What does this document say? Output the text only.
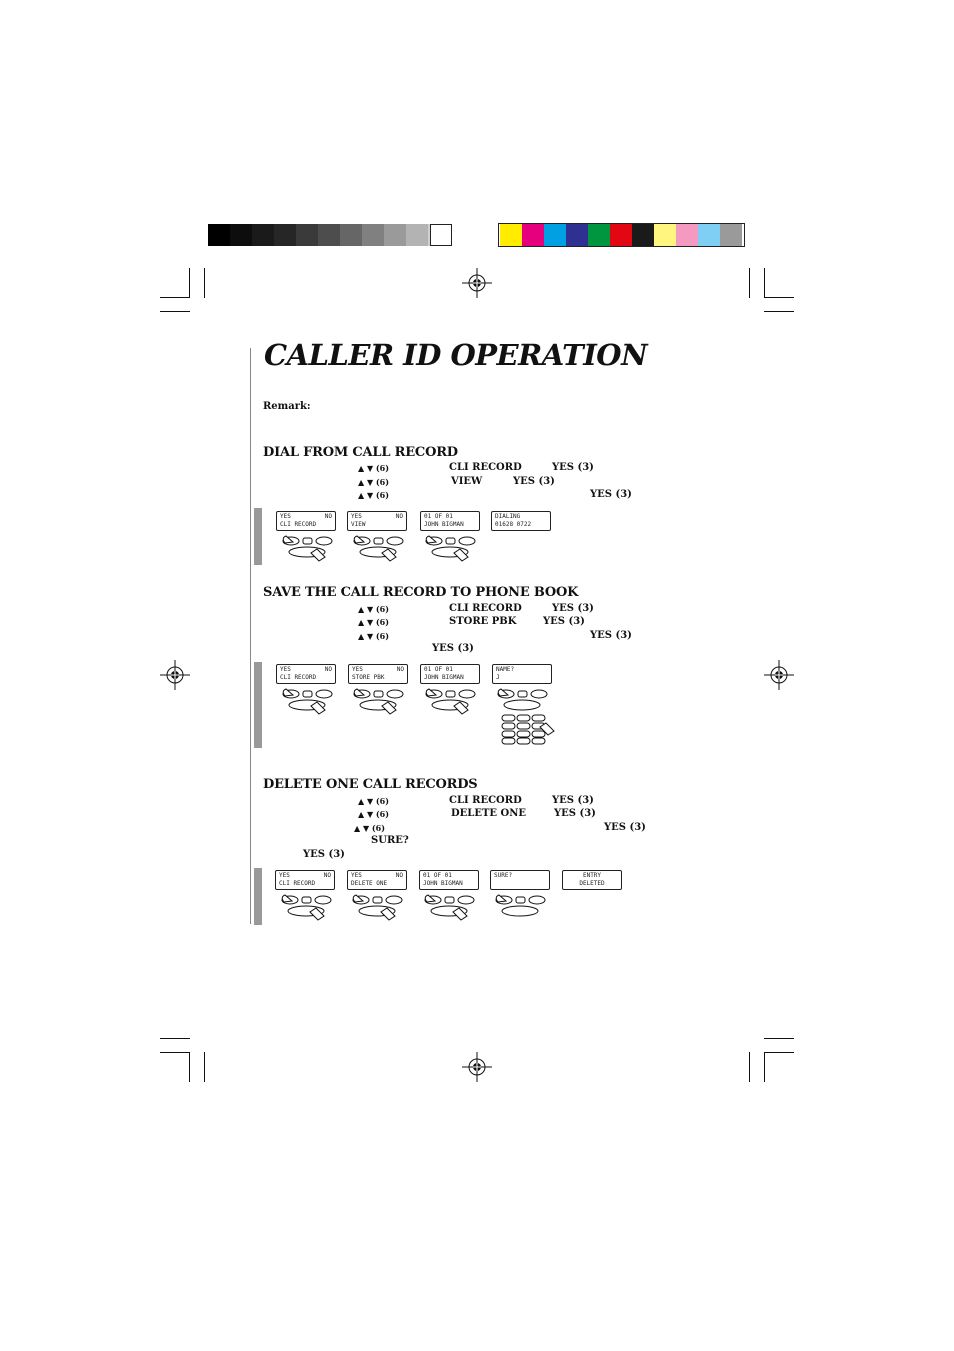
CALLER ID OPERATION
Remark:
DIAL FROM CALL RECORD
▲ ▼ (6)	CLI RECORD	YES (3)
▲ ▼ (6)	VIEW	YES (3)
▲ ▼ (6)	YES (3)
YES	NO
CLI RECORD
YES	NO
VIEW
01 OF 01
JOHN BIGMAN
DIALING
01628 0722
SAVE THE CALL RECORD TO PHONE BOOK
▲ ▼ (6)	CLI RECORD	YES (3)
▲ ▼ (6)	STORE PBK	YES (3)
▲ ▼ (6)	YES (3)
YES (3)
YES	NO
CLI RECORD
YES	NO
STORE PBK
01 OF 01
JOHN BIGMAN
NAME?
J
DELETE ONE CALL RECORDS
▲ ▼ (6)	CLI RECORD	YES (3)
▲ ▼ (6)	DELETE ONE	YES (3)
▲ ▼ (6)	YES (3)
SURE?
YES (3)
YES	NO
CLI RECORD
YES	NO
DELETE ONE
01 OF 01
JOHN BIGMAN
SURE?	ENTRY
DELETED
